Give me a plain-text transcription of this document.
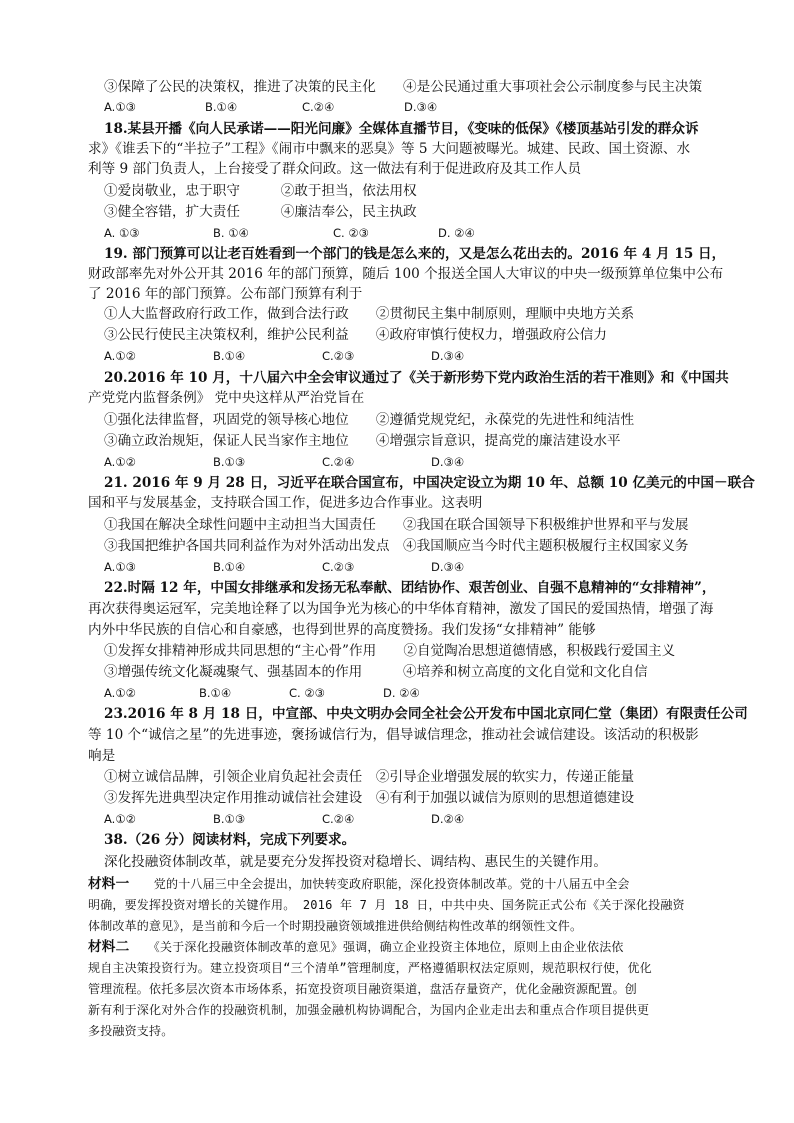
③保障了公民的决策权，推进了决策的民主化　　④是公民通过重大事项社会公示制度参与民主决策
A.①③	B.①④	C.②④	D.③④
18.某县开播《向人民承诺——阳光问廉》全媒体直播节目，《变味的低保》《楼顶基站引发的群众诉
求》《谁丢下的“半拉子”工程》《闹市中飘来的恶臭》等 5 大问题被曝光。城建、民政、国土资源、水
利等 9 部门负责人，上台接受了群众问政。这一做法有利于促进政府及其工作人员
①爱岗敬业，忠于职守　　　②敢于担当，依法用权
③健全容错，扩大责任　　　④廉洁奉公，民主执政
A. ①③	B. ①④	C. ②③	D. ②④
19. 部门预算可以让老百姓看到一个部门的钱是怎么来的，又是怎么花出去的。2016 年 4 月 15 日，
财政部率先对外公开其 2016 年的部门预算，随后 100 个报送全国人大审议的中央一级预算单位集中公布
了 2016 年的部门预算。公布部门预算有利于
①人大监督政府行政工作，做到合法行政　　②贯彻民主集中制原则，理顺中央地方关系
③公民行使民主决策权利，维护公民利益　　④政府审慎行使权力，增强政府公信力
A.①②	B.①④	C.②③	D.③④
20.2016 年 10 月，十八届六中全会审议通过了《关于新形势下党内政治生活的若干准则》和《中国共
产党党内监督条例》 党中央这样从严治党旨在
①强化法律监督，巩固党的领导核心地位　　②遵循党规党纪，永葆党的先进性和纯洁性
③确立政治规矩，保证人民当家作主地位　　④增强宗旨意识，提高党的廉洁建设水平
A.①②	B.①③	C.②④	D.③④
21. 2016 年 9 月 28 日，习近平在联合国宣布，中国决定设立为期 10 年、总额 10 亿美元的中国－联合
国和平与发展基金，支持联合国工作，促进多边合作事业。这表明
①我国在解决全球性问题中主动担当大国责任　　②我国在联合国领导下积极维护世界和平与发展
③我国把维护各国共同利益作为对外活动出发点　④我国顺应当今时代主题积极履行主权国家义务
A.①③	B.①④	C.②③	D.③④
22.时隔 12 年，中国女排继承和发扬无私奉献、团结协作、艰苦创业、自强不息精神的“女排精神”，
再次获得奥运冠军，完美地诠释了以为国争光为核心的中华体育精神，激发了国民的爱国热情，增强了海
内外中华民族的自信心和自豪感，也得到世界的高度赞扬。我们发扬“女排精神” 能够
①发挥女排精神形成共同思想的“主心骨”作用　　②自觉陶冶思想道德情感，积极践行爱国主义
③增强传统文化凝魂聚气、强基固本的作用　　　④培养和树立高度的文化自觉和文化自信
A.①②	B.①④	C. ②③	D. ②④
23.2016 年 8 月 18 日，中宣部、中央文明办会同全社会公开发布中国北京同仁堂（集团）有限责任公司
等 10 个“诚信之星”的先进事迹，褒扬诚信行为，倡导诚信理念，推动社会诚信建设。该活动的积极影
响是
①树立诚信品牌，引领企业肩负起社会责任　②引导企业增强发展的软实力，传递正能量
③发挥先进典型决定作用推动诚信社会建设　④有利于加强以诚信为原则的思想道德建设
A.①②	B.①③	C.②④	D.②④
38.（26 分）阅读材料，完成下列要求。
深化投融资体制改革，就是要充分发挥投资对稳增长、调结构、惠民生的关键作用。
材料一　　党的十八届三中全会提出，加快转变政府职能，深化投资体制改革。党的十八届五中全会
明确，要发挥投资对增长的关键作用。 2016 年 7 月 18 日，中共中央、国务院正式公布《关于深化投融资
体制改革的意见》，是当前和今后一个时期投融资领域推进供给侧结构性改革的纲领性文件。
材料二　　《关于深化投融资体制改革的意见》强调，确立企业投资主体地位，原则上由企业依法依
规自主决策投资行为。建立投资项目“三个清单”管理制度，严格遵循职权法定原则，规范职权行使，优化
管理流程。依托多层次资本市场体系，拓宽投资项目融资渠道，盘活存量资产，优化金融资源配置。创
新有利于深化对外合作的投融资机制，加强金融机构协调配合，为国内企业走出去和重点合作项目提供更
多投融资支持。
